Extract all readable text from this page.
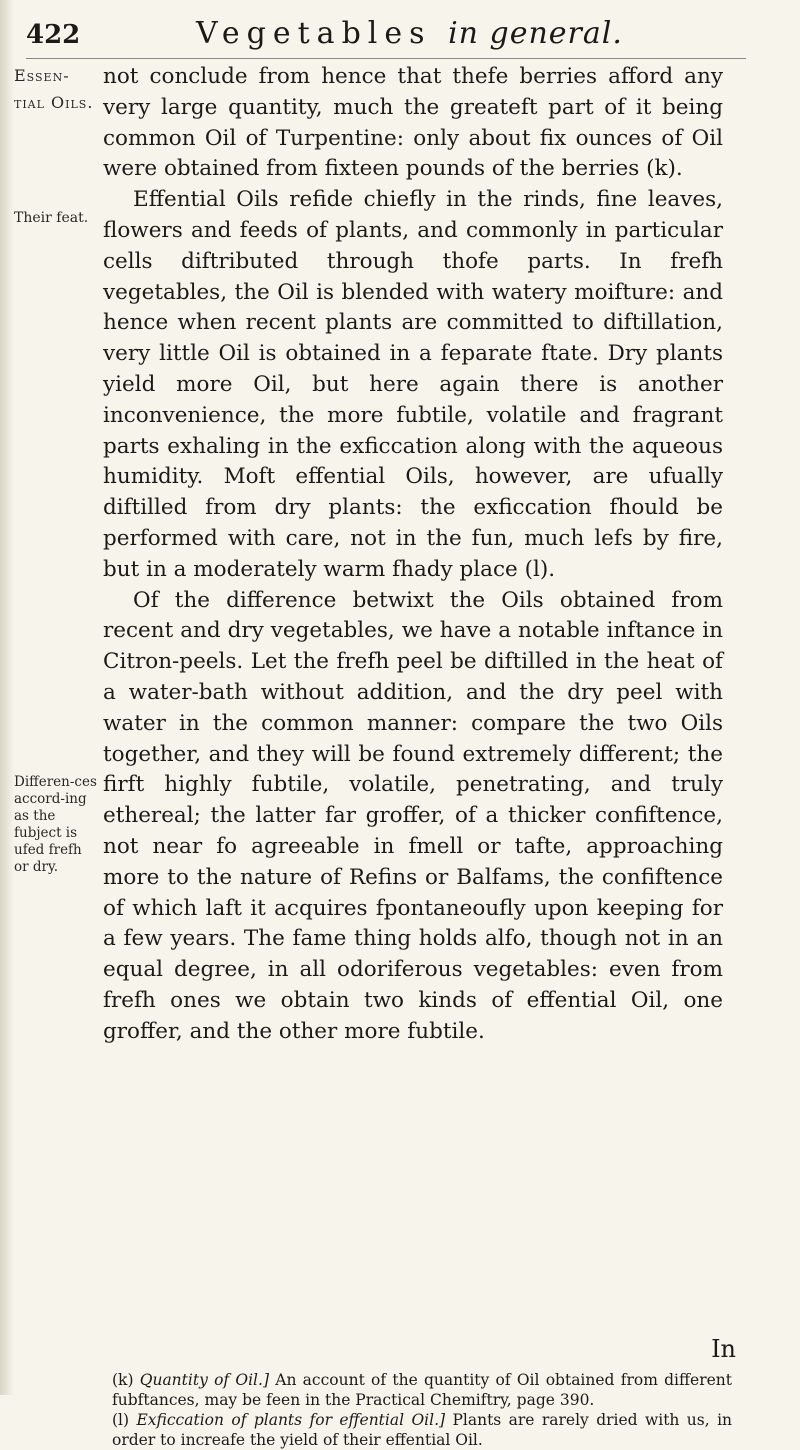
422	Vegetables in general.
Essen-tial Oils.
Their feat.
Differen-ces accord-ing as the fubject is ufed frefh or dry.

not conclude from hence that thefe berries afford any very large quantity, much the greateft part of it being common Oil of Turpentine: only about fix ounces of Oil were obtained from fixteen pounds of the berries (k).

Effential Oils refide chiefly in the rinds, fine leaves, flowers and feeds of plants, and commonly in particular cells diftributed through thofe parts. In frefh vegetables, the Oil is blended with watery moifture: and hence when recent plants are committed to diftillation, very little Oil is obtained in a feparate ftate. Dry plants yield more Oil, but here again there is another inconvenience, the more fubtile, volatile and fragrant parts exhaling in the exficcation along with the aqueous humidity. Moft effential Oils, however, are ufually diftilled from dry plants: the exficcation fhould be performed with care, not in the fun, much lefs by fire, but in a moderately warm fhady place (l).

Of the difference betwixt the Oils obtained from recent and dry vegetables, we have a notable inftance in Citron-peels. Let the frefh peel be diftilled in the heat of a water-bath without addition, and the dry peel with water in the common manner: compare the two Oils together, and they will be found extremely different; the firft highly fubtile, volatile, penetrating, and truly ethereal; the latter far groffer, of a thicker confiftence, not near fo agreeable in fmell or tafte, approaching more to the nature of Refins or Balfams, the confiftence of which laft it acquires fpontaneoufly upon keeping for a few years. The fame thing holds alfo, though not in an equal degree, in all odoriferous vegetables: even from frefh ones we obtain two kinds of effential Oil, one groffer, and the other more fubtile.

In

(k) Quantity of Oil.] An account of the quantity of Oil obtained from different fubftances, may be feen in the Practical Chemiftry, page 390.

(l) Exficcation of plants for effential Oil.] Plants are rarely dried with us, in order to increafe the yield of their effential Oil.
